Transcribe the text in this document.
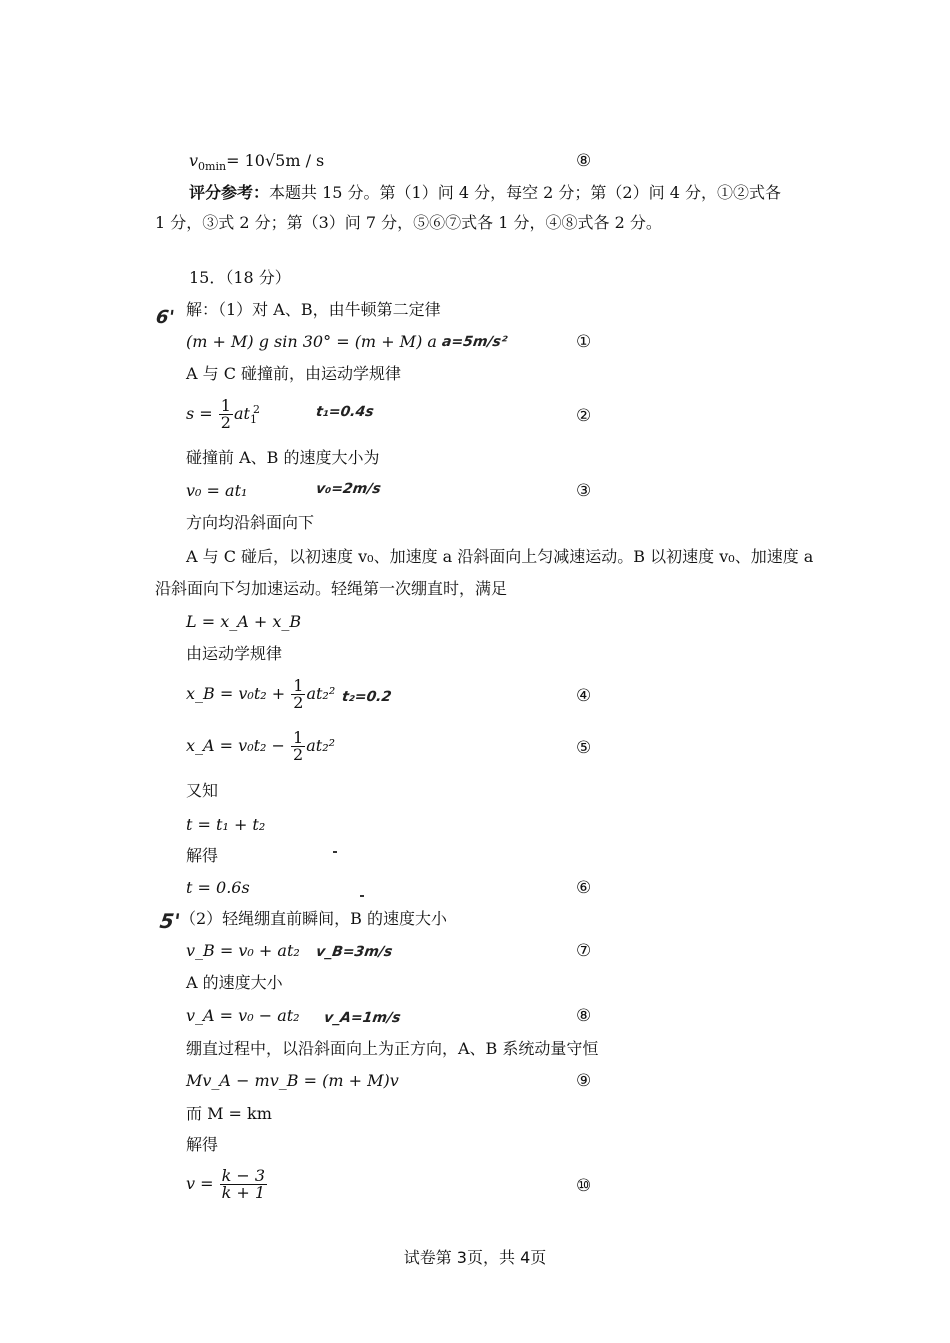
$v_{0min}= 10√5m / s$	⑧
评分参考：本题共 15 分。第（1）问 4 分，每空 2 分；第（2）问 4 分，①②式各
1 分，③式 2 分；第（3）问 7 分，⑤⑥⑦式各 1 分，④⑧式各 2 分。
15．（18 分）
6' 解：（1）对 A、B，由牛顿第二定律
(m + M) g sin 30° = (m + M) a a=5m/s²	①
A 与 C 碰撞前，由运动学规律
$s = \frac{1}{2} at_1^2$	t₁=0.4s	②
碰撞前 A、B 的速度大小为
v₀ = at₁	v₀=2m/s	③
方向均沿斜面向下
A 与 C 碰后，以初速度 v₀、加速度 a 沿斜面向上匀减速运动。B 以初速度 v₀、加速度 a
沿斜面向下匀加速运动。轻绳第一次绷直时，满足
L = x_A + x_B
由运动学规律
x_B = $v_0t_2 + \frac{1}{2} at_2^2$ t₂=0.2	④
x_A = $v_0t_2 - \frac{1}{2} at_2^2$	⑤
又知
t = t₁ + t₂
解得
t = 0.6s	⑥
5'
（2）轻绳绷直前瞬间，B 的速度大小
v_B = v₀ + at₂ v_B=3m/s	⑦
A 的速度大小
v_A = v₀ − at₂ v_A=1m/s	⑧
绷直过程中，以沿斜面向上为正方向，A、B 系统动量守恒
Mv_A − mv_B = (m + M)v	⑨
而 M = km
解得
$v = \frac{k - 3}{k + 1}$	⑩
试卷第 3页，共 4页
